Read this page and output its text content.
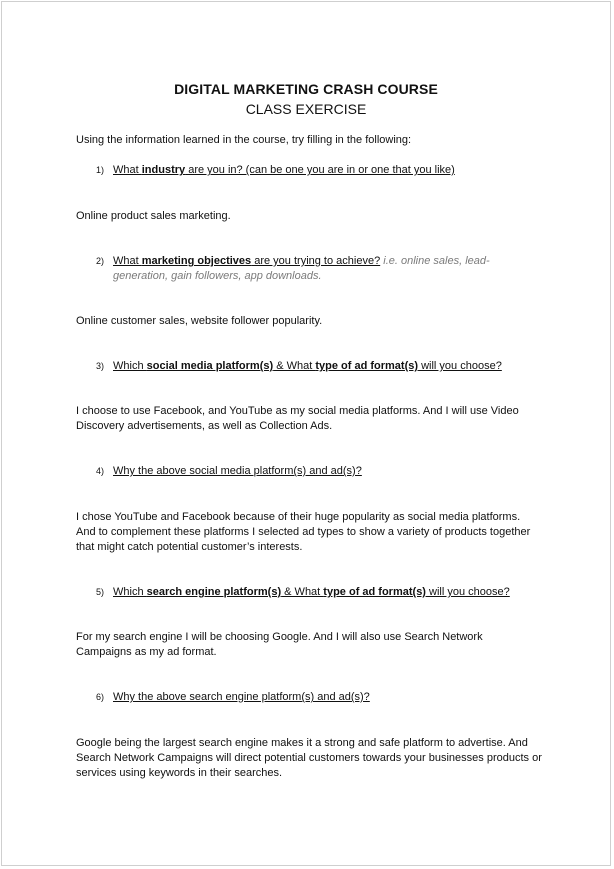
DIGITAL MARKETING CRASH COURSE
CLASS EXERCISE

Using the information learned in the course, try filling in the following:

1) What industry are you in? (can be one you are in or one that you like)

Online product sales marketing.

2) What marketing objectives are you trying to achieve? i.e. online sales, lead-generation, gain followers, app downloads.

Online customer sales, website follower popularity.

3) Which social media platform(s) & What type of ad format(s) will you choose?

I choose to use Facebook, and YouTube as my social media platforms. And I will use Video Discovery advertisements, as well as Collection Ads.

4) Why the above social media platform(s) and ad(s)?

I chose YouTube and Facebook because of their huge popularity as social media platforms. And to complement these platforms I selected ad types to show a variety of products together that might catch potential customer’s interests.

5) Which search engine platform(s) & What type of ad format(s) will you choose?

For my search engine I will be choosing Google. And I will also use Search Network Campaigns as my ad format.

6) Why the above search engine platform(s) and ad(s)?

Google being the largest search engine makes it a strong and safe platform to advertise. And Search Network Campaigns will direct potential customers towards your businesses products or services using keywords in their searches.
